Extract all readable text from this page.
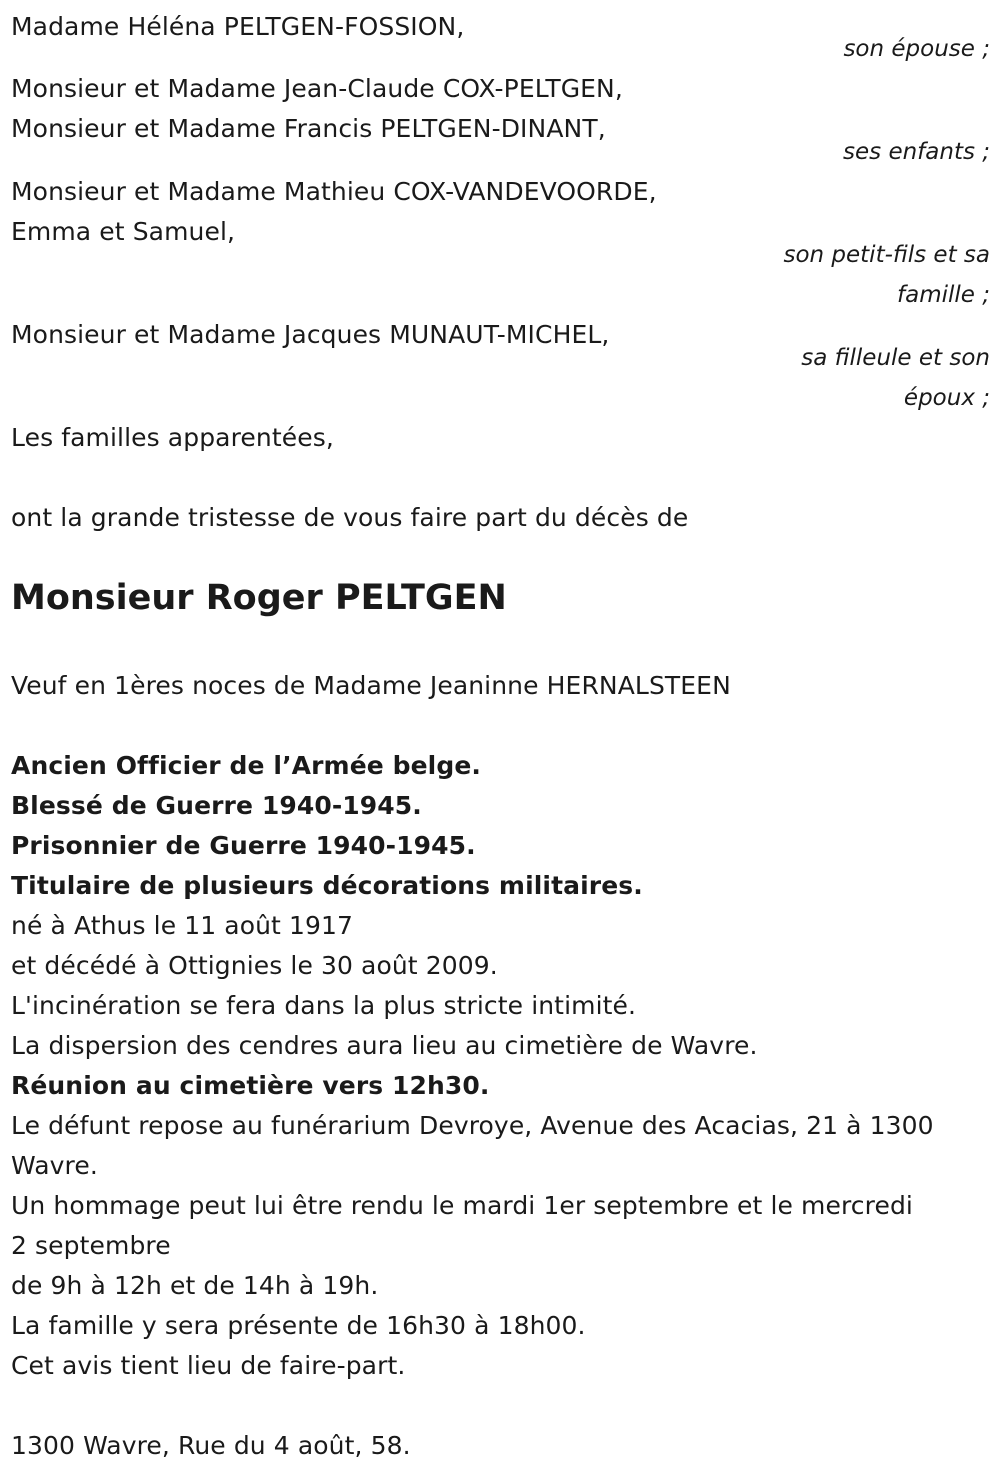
Madame Héléna PELTGEN-FOSSION,
son épouse ;
Monsieur et Madame Jean-Claude COX-PELTGEN,
Monsieur et Madame Francis PELTGEN-DINANT,
ses enfants ;
Monsieur et Madame Mathieu COX-VANDEVOORDE,
Emma et Samuel,
son petit-fils et sa
famille ;
Monsieur et Madame Jacques MUNAUT-MICHEL,
sa filleule et son
époux ;
Les familles apparentées,
ont la grande tristesse de vous faire part du décès de
Monsieur Roger PELTGEN
Veuf en 1ères noces de Madame Jeaninne HERNALSTEEN
Ancien Officier de l’Armée belge.
Blessé de Guerre 1940-1945.
Prisonnier de Guerre 1940-1945.
Titulaire de plusieurs décorations militaires.
né à Athus le 11 août 1917
et décédé à Ottignies le 30 août 2009.
L'incinération se fera dans la plus stricte intimité.
La dispersion des cendres aura lieu au cimetière de Wavre.
Réunion au cimetière vers 12h30.
Le défunt repose au funérarium Devroye, Avenue des Acacias, 21 à 1300
Wavre.
Un hommage peut lui être rendu le mardi 1er septembre et le mercredi
2 septembre
de 9h à 12h et de 14h à 19h.
La famille y sera présente de 16h30 à 18h00.
Cet avis tient lieu de faire-part.
1300 Wavre, Rue du 4 août, 58.
